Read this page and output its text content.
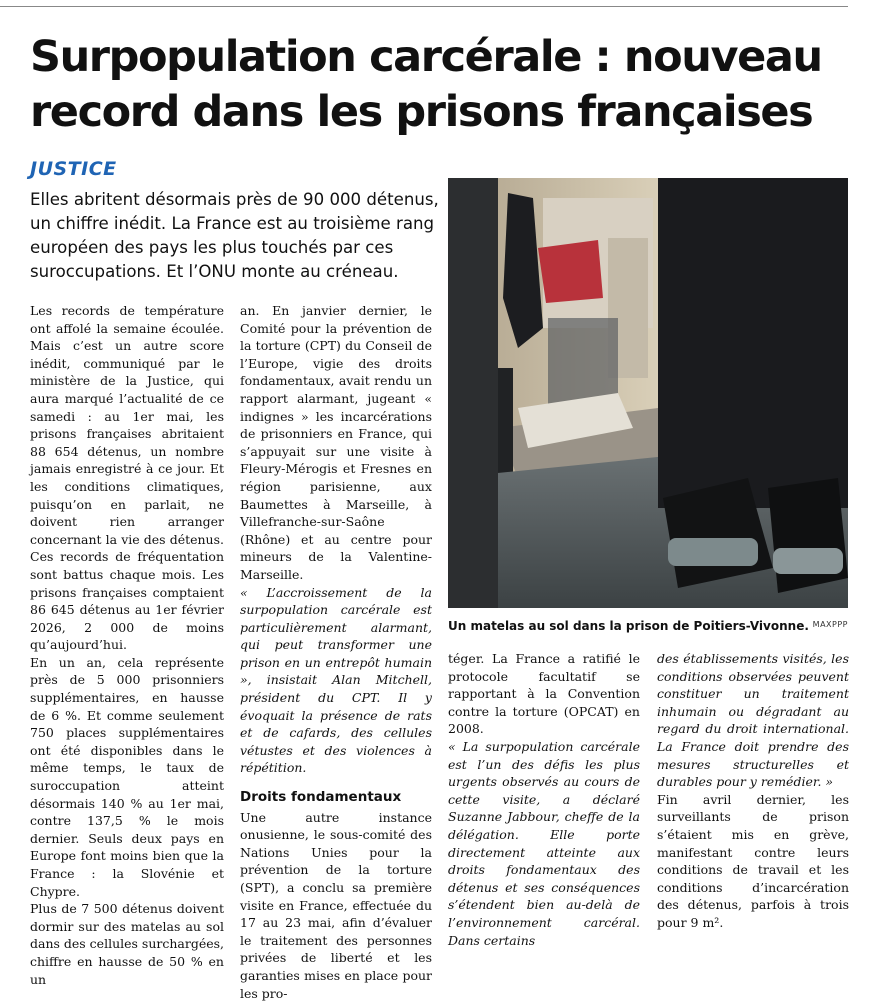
Surpopulation carcérale : nouveau record dans les prisons françaises
JUSTICE

Elles abritent désormais près de 90 000 détenus, un chiffre inédit. La France est au troisième rang européen des pays les plus touchés par ces suroccupations. Et l’ONU monte au créneau.

Les records de température ont affolé la semaine écoulée. Mais c’est un autre score inédit, communiqué par le ministère de la Justice, qui aura marqué l’actualité de ce samedi : au 1er mai, les prisons françaises abritaient 88 654 détenus, un nombre jamais enregistré à ce jour. Et les conditions climatiques, puisqu’on en parlait, ne doivent rien arranger concernant la vie des détenus. Ces records de fréquentation sont battus chaque mois. Les prisons françaises comptaient 86 645 détenus au 1er février 2026, 2 000 de moins qu’aujourd’hui.

En un an, cela représente près de 5 000 prisonniers supplémentaires, en hausse de 6 %. Et comme seulement 750 places supplémentaires ont été disponibles dans le même temps, le taux de suroccupation atteint désormais 140 % au 1er mai, contre 137,5 % le mois dernier. Seuls deux pays en Europe font moins bien que la France : la Slovénie et Chypre.

Plus de 7 500 détenus doivent dormir sur des matelas au sol dans des cellules surchargées, chiffre en hausse de 50 % en un

an. En janvier dernier, le Comité pour la prévention de la torture (CPT) du Conseil de l’Europe, vigie des droits fondamentaux, avait rendu un rapport alarmant, jugeant « indignes » les incarcérations de prisonniers en France, qui s’appuyait sur une visite à Fleury-Mérogis et Fresnes en région parisienne, aux Baumettes à Marseille, à Villefranche-sur-Saône (Rhône) et au centre pour mineurs de la Valentine-Marseille.

« L’accroissement de la surpopulation carcérale est particulièrement alarmant, qui peut transformer une prison en un entrepôt humain », insistait Alan Mitchell, président du CPT. Il y évoquait la présence de rats et de cafards, des cellules vétustes et des violences à répétition.

Droits fondamentaux

Une autre instance onusienne, le sous-comité des Nations Unies pour la prévention de la torture (SPT), a conclu sa première visite en France, effectuée du 17 au 23 mai, afin d’évaluer le traitement des personnes privées de liberté et les garanties mises en place pour les pro-

Un matelas au sol dans la prison de Poitiers-Vivonne. MAXPPP

téger. La France a ratifié le protocole facultatif se rapportant à la Convention contre la torture (OPCAT) en 2008.

« La surpopulation carcérale est l’un des défis les plus urgents observés au cours de cette visite, a déclaré Suzanne Jabbour, cheffe de la délégation. Elle porte directement atteinte aux droits fondamentaux des détenus et ses conséquences s’étendent bien au-delà de l’environnement carcéral. Dans certains

des établissements visités, les conditions observées peuvent constituer un traitement inhumain ou dégradant au regard du droit international. La France doit prendre des mesures structurelles et durables pour y remédier. »

Fin avril dernier, les surveillants de prison s’étaient mis en grève, manifestant contre leurs conditions de travail et les conditions d’incarcération des détenus, parfois à trois pour 9 m².
